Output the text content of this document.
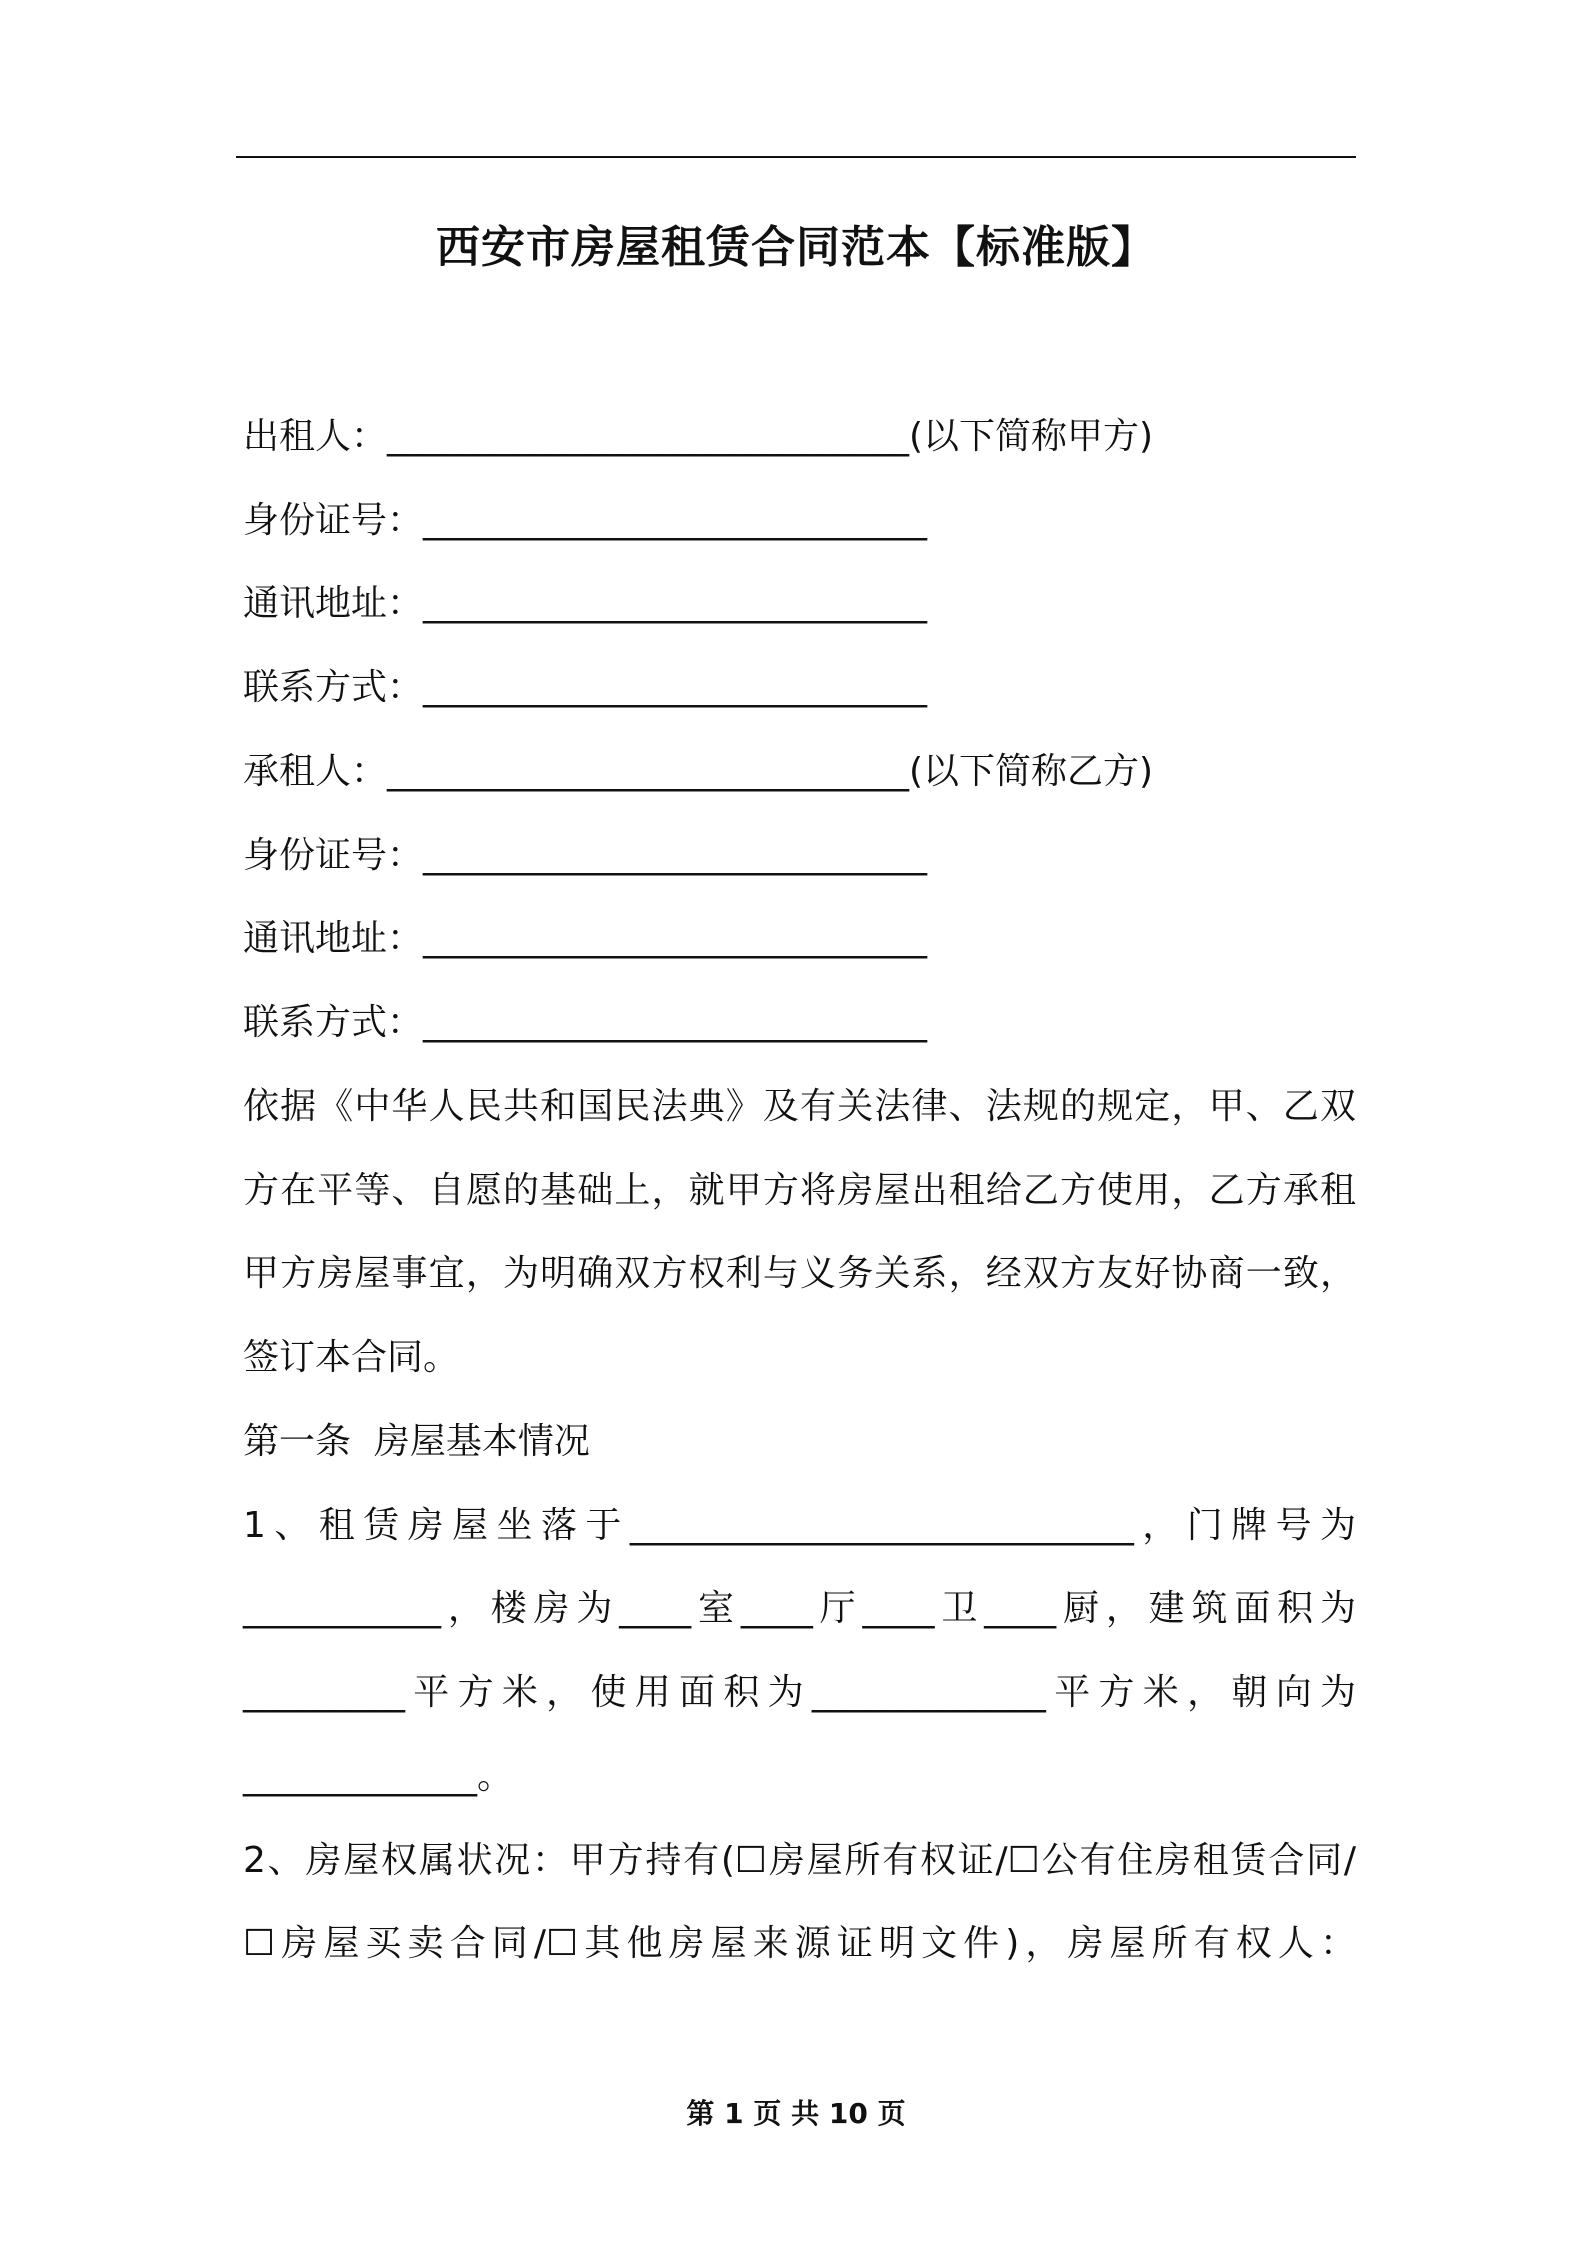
西安市房屋租赁合同范本【标准版】

出租人：_____________________________(以下简称甲方)

身份证号：____________________________

通讯地址：____________________________

联系方式：____________________________

承租人：_____________________________(以下简称乙方)

身份证号：____________________________

通讯地址：____________________________

联系方式：____________________________

依据《中华人民共和国民法典》及有关法律、法规的规定，甲、乙双

方在平等、自愿的基础上，就甲方将房屋出租给乙方使用，乙方承租

甲方房屋事宜，为明确双方权利与义务关系，经双方友好协商一致，

签订本合同。

第一条  房屋基本情况

1、租赁房屋坐落于____________________________，门牌号为

___________，楼房为____室____厅____卫____厨，建筑面积为

_________平方米，使用面积为_____________平方米，朝向为

_____________。

2、房屋权属状况：甲方持有(☐房屋所有权证/☐公有住房租赁合同/

☐房屋买卖合同/☐其他房屋来源证明文件)，房屋所有权人：

第 1 页 共 10 页
